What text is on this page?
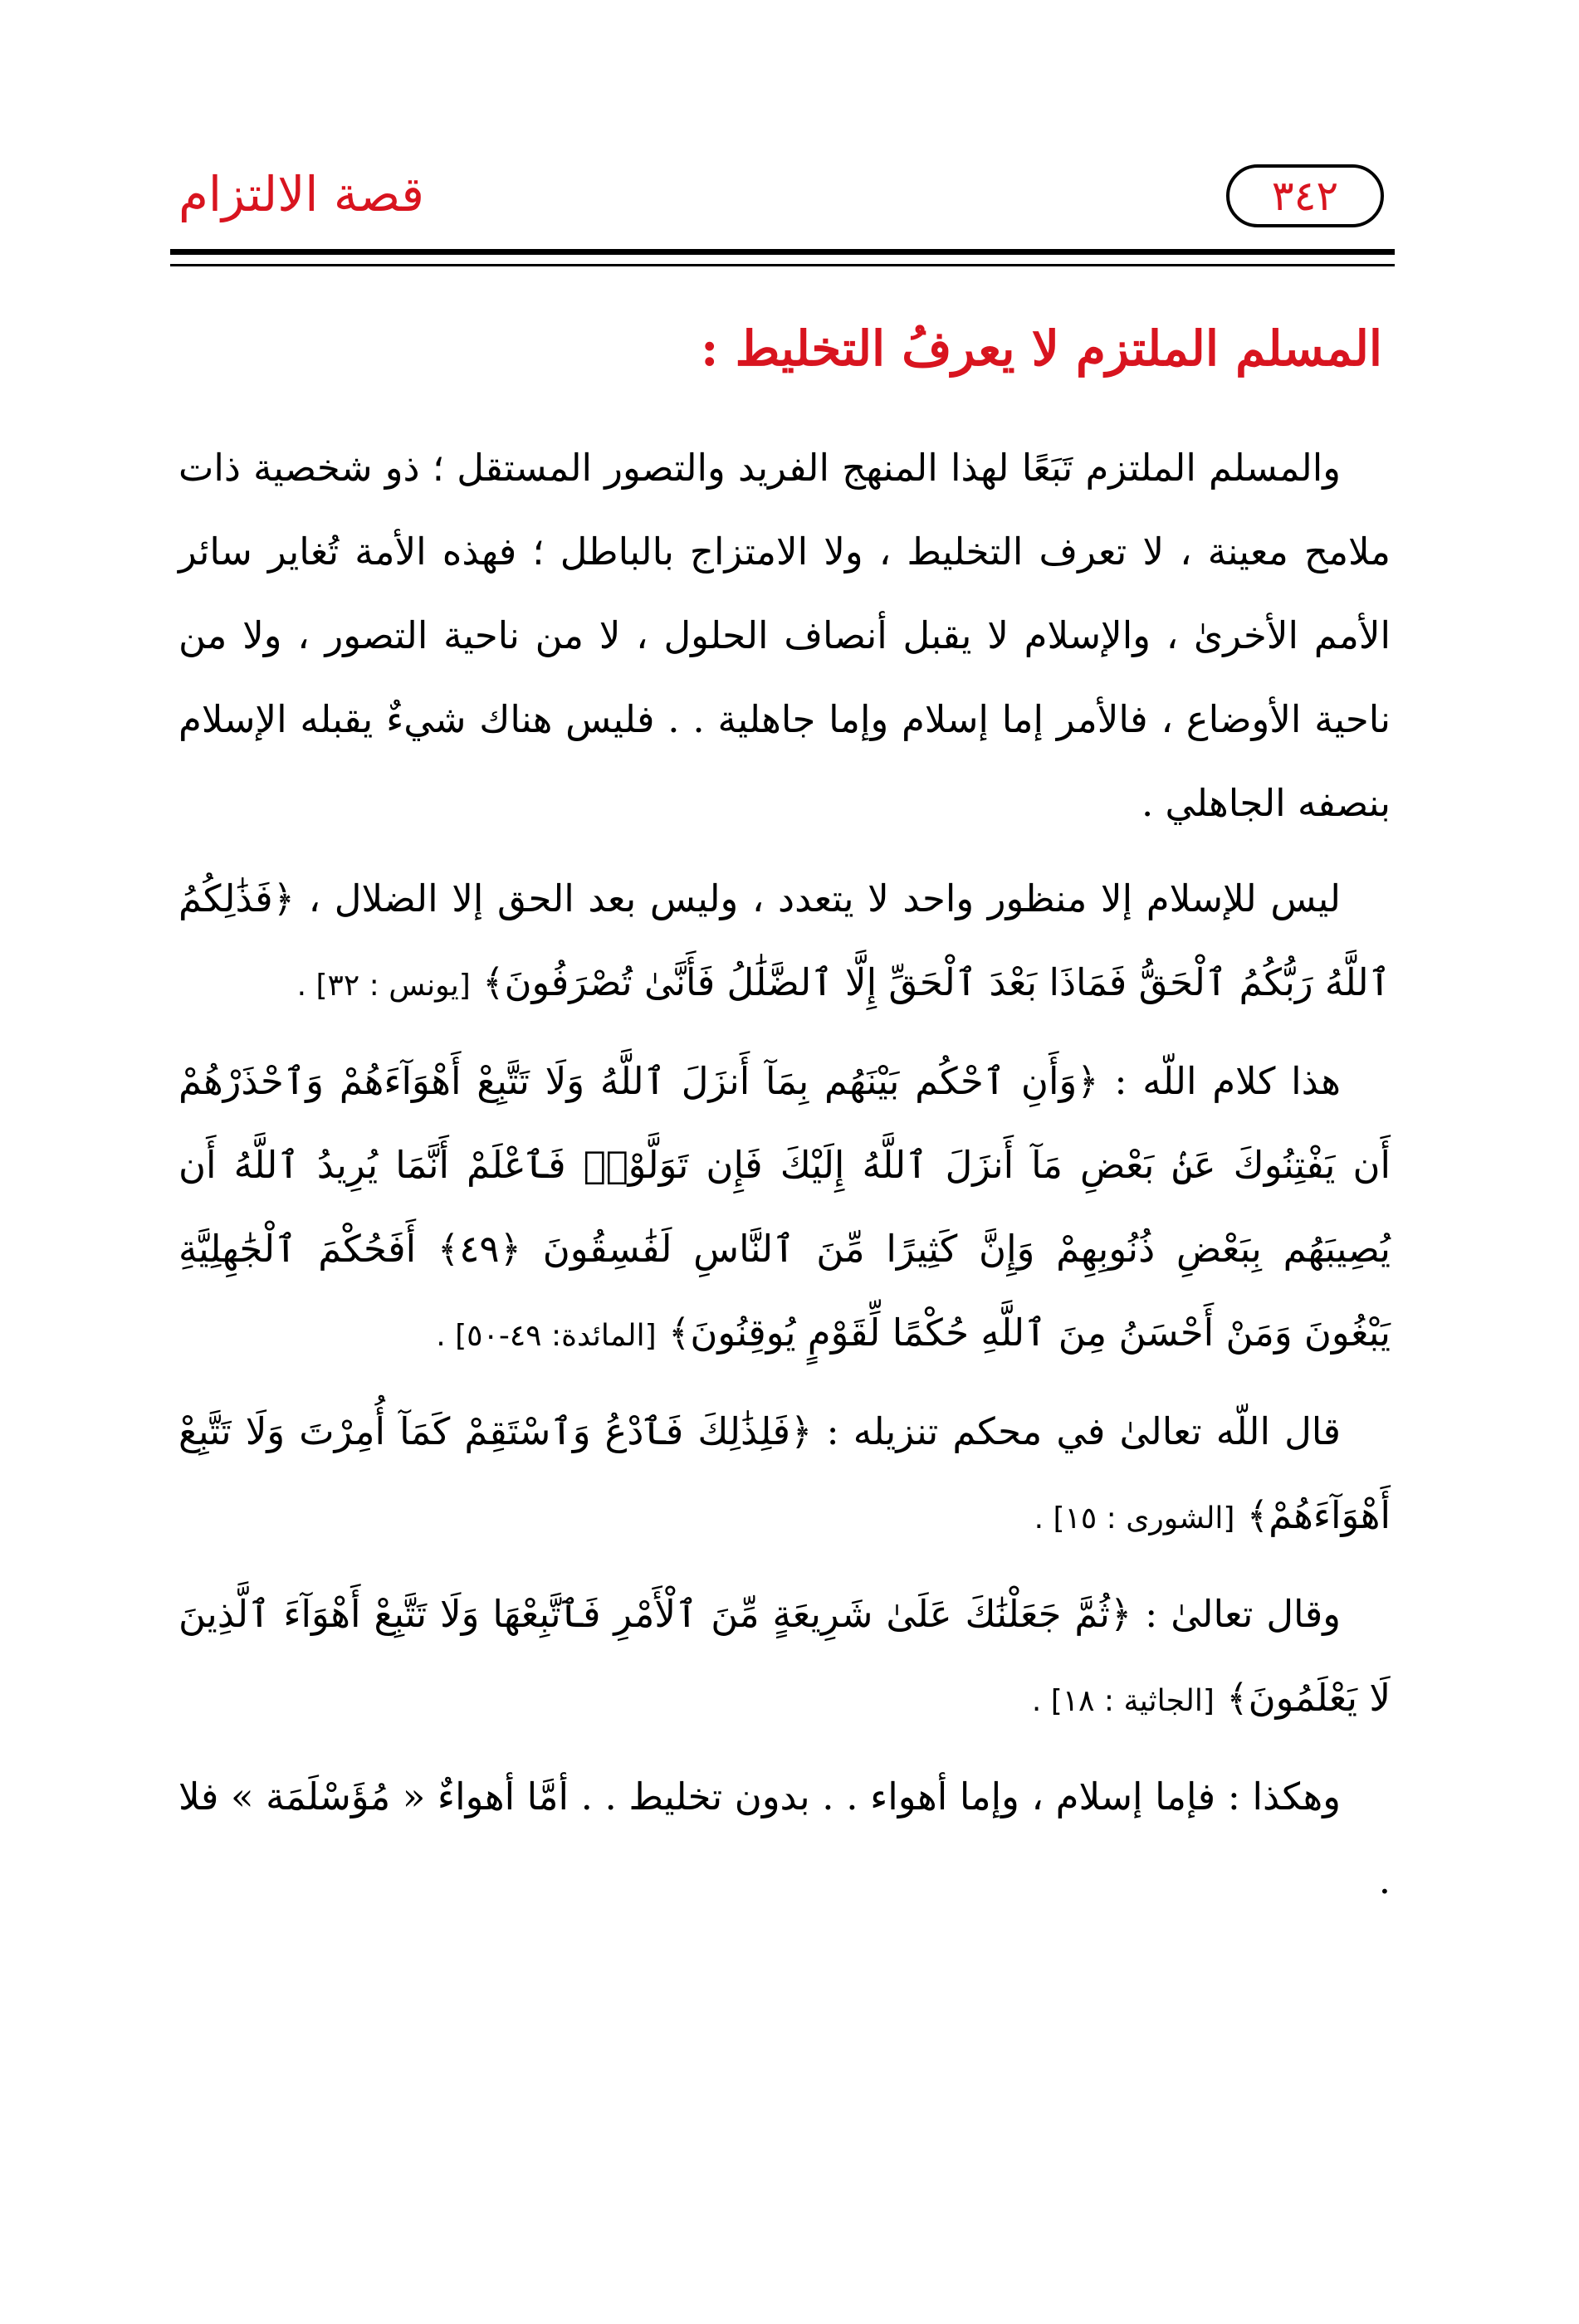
قصة الالتزام	٣٤٢
المسلم الملتزم لا يعرفُ التخليط :

والمسلم الملتزم تَبَعًا لهذا المنهج الفريد والتصور المستقل ؛ ذو شخصية ذات ملامح معينة ، لا تعرف التخليط ، ولا الامتزاج بالباطل ؛ فهذه الأمة تُغاير سائر الأمم الأخرىٰ ، والإسلام لا يقبل أنصاف الحلول ، لا من ناحية التصور ، ولا من ناحية الأوضاع ، فالأمر إما إسلام وإما جاهلية . . فليس هناك شيءٌ يقبله الإسلام بنصفه الجاهلي .

ليس للإسلام إلا منظور واحد لا يتعدد ، وليس بعد الحق إلا الضلال ، ﴿فَذَٰلِكُمُ ٱللَّهُ رَبُّكُمُ ٱلْحَقُّ فَمَاذَا بَعْدَ ٱلْحَقِّ إِلَّا ٱلضَّلَٰلُ فَأَنَّىٰ تُصْرَفُونَ﴾ [يونس : ٣٢] .

هذا كلام اللّه : ﴿وَأَنِ ٱحْكُم بَيْنَهُم بِمَآ أَنزَلَ ٱللَّهُ وَلَا تَتَّبِعْ أَهْوَآءَهُمْ وَٱحْذَرْهُمْ أَن يَفْتِنُوكَ عَنۢ بَعْضِ مَآ أَنزَلَ ٱللَّهُ إِلَيْكَ فَإِن تَوَلَّوْا۟ فَٱعْلَمْ أَنَّمَا يُرِيدُ ٱللَّهُ أَن يُصِيبَهُم بِبَعْضِ ذُنُوبِهِمْ وَإِنَّ كَثِيرًا مِّنَ ٱلنَّاسِ لَفَٰسِقُونَ ﴿٤٩﴾ أَفَحُكْمَ ٱلْجَٰهِلِيَّةِ يَبْغُونَ وَمَنْ أَحْسَنُ مِنَ ٱللَّهِ حُكْمًا لِّقَوْمٍ يُوقِنُونَ﴾ [المائدة: ٤٩-٥٠] .

قال اللّه تعالىٰ في محكم تنزيله : ﴿فَلِذَٰلِكَ فَٱدْعُ وَٱسْتَقِمْ كَمَآ أُمِرْتَ وَلَا تَتَّبِعْ أَهْوَآءَهُمْ﴾ [الشورى : ١٥] .

وقال تعالىٰ : ﴿ثُمَّ جَعَلْنَٰكَ عَلَىٰ شَرِيعَةٍ مِّنَ ٱلْأَمْرِ فَٱتَّبِعْهَا وَلَا تَتَّبِعْ أَهْوَآءَ ٱلَّذِينَ لَا يَعْلَمُونَ﴾ [الجاثية : ١٨] .

وهكذا : فإما إسلام ، وإما أهواء . . بدون تخليط . . أمَّا أهواءٌ « مُؤَسْلَمَة » فلا .
